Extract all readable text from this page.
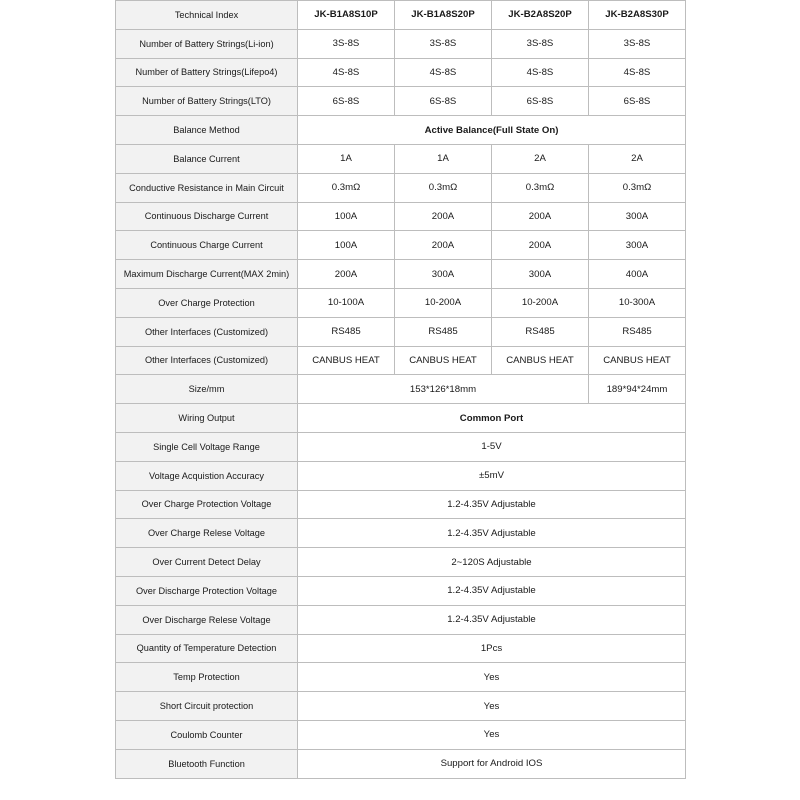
Technical Index	JK-B1A8S10P	JK-B1A8S20P	JK-B2A8S20P	JK-B2A8S30P
Number of Battery Strings(Li-ion)	3S-8S	3S-8S	3S-8S	3S-8S
Number of Battery Strings(Lifepo4)	4S-8S	4S-8S	4S-8S	4S-8S
Number of Battery Strings(LTO)	6S-8S	6S-8S	6S-8S	6S-8S
Balance Method	Active Balance(Full State On)			
Balance Current	1A	1A	2A	2A
Conductive Resistance in Main Circuit	0.3mΩ	0.3mΩ	0.3mΩ	0.3mΩ
Continuous Discharge Current	100A	200A	200A	300A
Continuous Charge Current	100A	200A	200A	300A
Maximum Discharge Current(MAX 2min)	200A	300A	300A	400A
Over Charge Protection	10-100A	10-200A	10-200A	10-300A
Other Interfaces (Customized)	RS485	RS485	RS485	RS485
Other Interfaces (Customized)	CANBUS HEAT	CANBUS HEAT	CANBUS HEAT	CANBUS HEAT
Size/mm	153*126*18mm			189*94*24mm
Wiring Output	Common Port			
Single Cell Voltage Range	1-5V			
Voltage Acquistion Accuracy	±5mV			
Over Charge Protection Voltage	1.2-4.35V Adjustable			
Over Charge Relese Voltage	1.2-4.35V Adjustable			
Over Current Detect Delay	2~120S Adjustable			
Over Discharge Protection Voltage	1.2-4.35V Adjustable			
Over Discharge Relese Voltage	1.2-4.35V Adjustable			
Quantity of Temperature Detection	1Pcs			
Temp Protection	Yes			
Short Circuit protection	Yes			
Coulomb Counter	Yes			
Bluetooth Function	Support for Android IOS			
